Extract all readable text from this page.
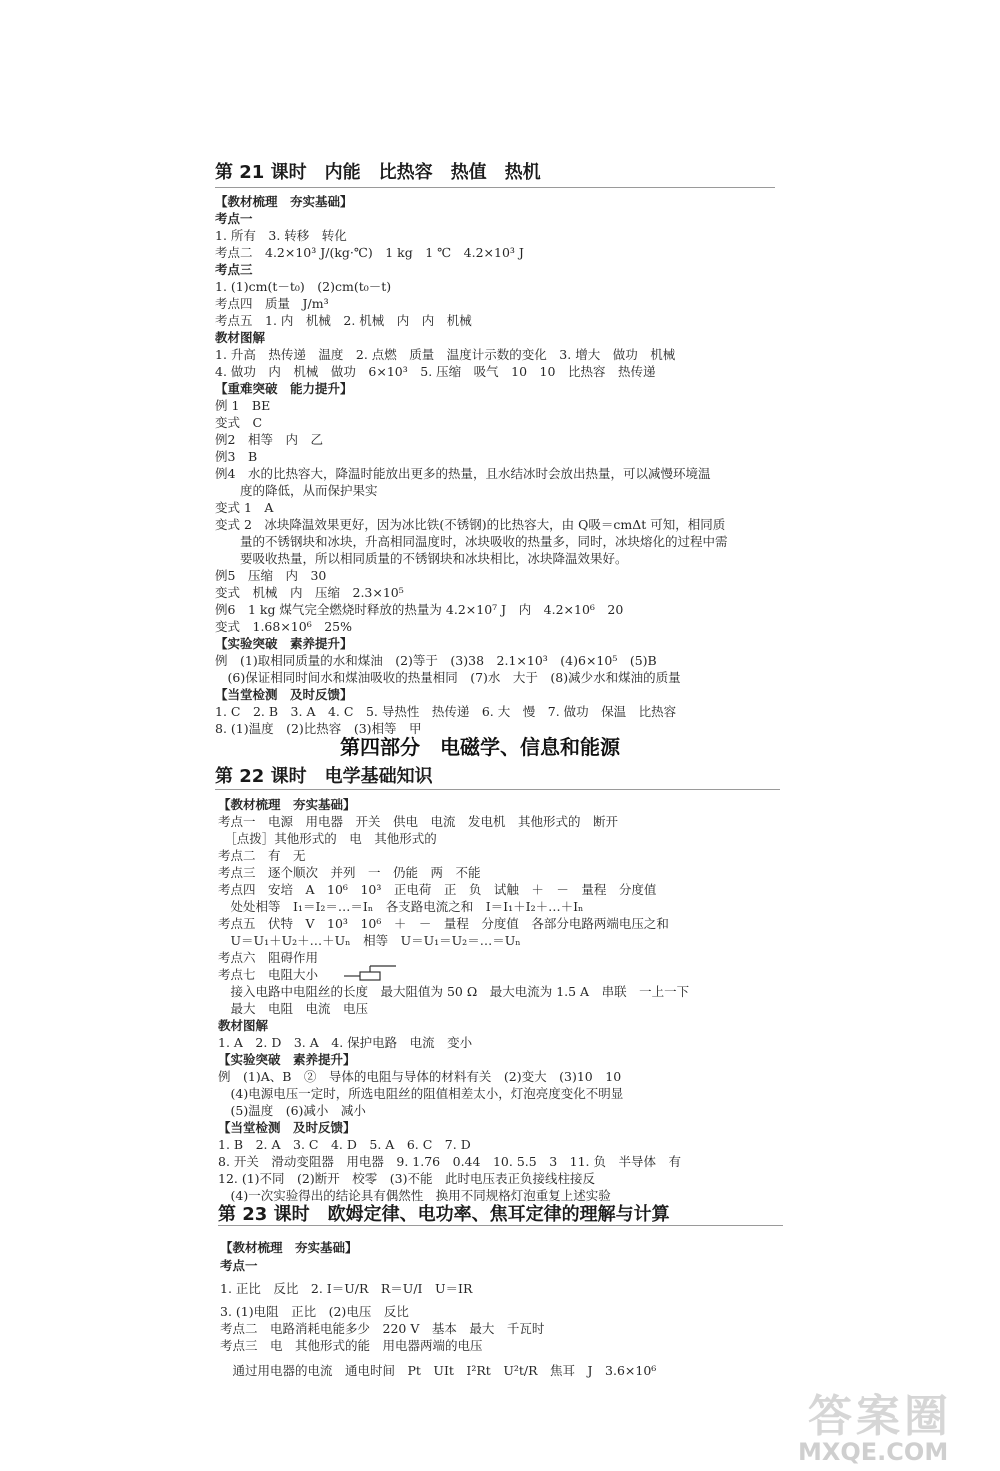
第 21 课时　内能　比热容　热值　热机
【教材梳理　夯实基础】
考点一
1. 所有　3. 转移　转化
考点二　4.2×10³ J/(kg·℃)　1 kg　1 ℃　4.2×10³ J
考点三
1. (1)cm(t－t₀)　(2)cm(t₀－t)
考点四　质量　J/m³
考点五　1. 内　机械　2. 机械　内　内　机械
教材图解
1. 升高　热传递　温度　2. 点燃　质量　温度计示数的变化　3. 增大　做功　机械
4. 做功　内　机械　做功　6×10³　5. 压缩　吸气　10　10　比热容　热传递
【重难突破　能力提升】
例 1　BE
变式　C
例2　相等　内　乙
例3　B
例4　水的比热容大，降温时能放出更多的热量，且水结冰时会放出热量，可以减慢环境温
　　度的降低，从而保护果实
变式 1　A
变式 2　冰块降温效果更好，因为冰比铁(不锈钢)的比热容大，由 Q吸＝cmΔt 可知，相同质
　　量的不锈钢块和冰块，升高相同温度时，冰块吸收的热量多，同时，冰块熔化的过程中需
　　要吸收热量，所以相同质量的不锈钢块和冰块相比，冰块降温效果好。
例5　压缩　内　30
变式　机械　内　压缩　2.3×10⁵
例6　1 kg 煤气完全燃烧时释放的热量为 4.2×10⁷ J　内　4.2×10⁶　20
变式　1.68×10⁶　25%
【实验突破　素养提升】
例　(1)取相同质量的水和煤油　(2)等于　(3)38　2.1×10³　(4)6×10⁵　(5)B
　(6)保证相同时间水和煤油吸收的热量相同　(7)水　大于　(8)减少水和煤油的质量
【当堂检测　及时反馈】
1. C　2. B　3. A　4. C　5. 导热性　热传递　6. 大　慢　7. 做功　保温　比热容
8. (1)温度　(2)比热容　(3)相等　甲
第四部分　电磁学、信息和能源
第 22 课时　电学基础知识
【教材梳理　夯实基础】
考点一　电源　用电器　开关　供电　电流　发电机　其他形式的　断开
　［点拨］其他形式的　电　其他形式的
考点二　有　无
考点三　逐个顺次　并列　一　仍能　两　不能
考点四　安培　A　10⁶　10³　正电荷　正　负　试触　＋　－　量程　分度值
　处处相等　I₁＝I₂＝…＝Iₙ　各支路电流之和　I＝I₁＋I₂＋…＋Iₙ
考点五　伏特　V　10³　10⁶　＋　－　量程　分度值　各部分电路两端电压之和
　U＝U₁＋U₂＋…＋Uₙ　相等　U＝U₁＝U₂＝…＝Uₙ
考点六　阻碍作用
考点七　电阻大小
　接入电路中电阻丝的长度　最大阻值为 50 Ω　最大电流为 1.5 A　串联　一上一下
　最大　电阻　电流　电压
教材图解
1. A　2. D　3. A　4. 保护电路　电流　变小
【实验突破　素养提升】
例　(1)A、B　②　导体的电阻与导体的材料有关　(2)变大　(3)10　10
　(4)电源电压一定时，所选电阻丝的阻值相差太小，灯泡亮度变化不明显
　(5)温度　(6)减小　减小
【当堂检测　及时反馈】
1. B　2. A　3. C　4. D　5. A　6. C　7. D
8. 开关　滑动变阻器　用电器　9. 1.76　0.44　10. 5.5　3　11. 负　半导体　有
12. (1)不同　(2)断开　校零　(3)不能　此时电压表正负接线柱接反
　(4)一次实验得出的结论具有偶然性　换用不同规格灯泡重复上述实验
第 23 课时　欧姆定律、电功率、焦耳定律的理解与计算
【教材梳理　夯实基础】
考点一
1. 正比　反比　2. I＝U/R　R＝U/I　U＝IR
3. (1)电阻　正比　(2)电压　反比
考点二　电路消耗电能多少　220 V　基本　最大　千瓦时
考点三　电　其他形式的能　用电器两端的电压
　通过用电器的电流　通电时间　Pt　UIt　I²Rt　U²t/R　焦耳　J　3.6×10⁶
答案圈
MXQE.COM
